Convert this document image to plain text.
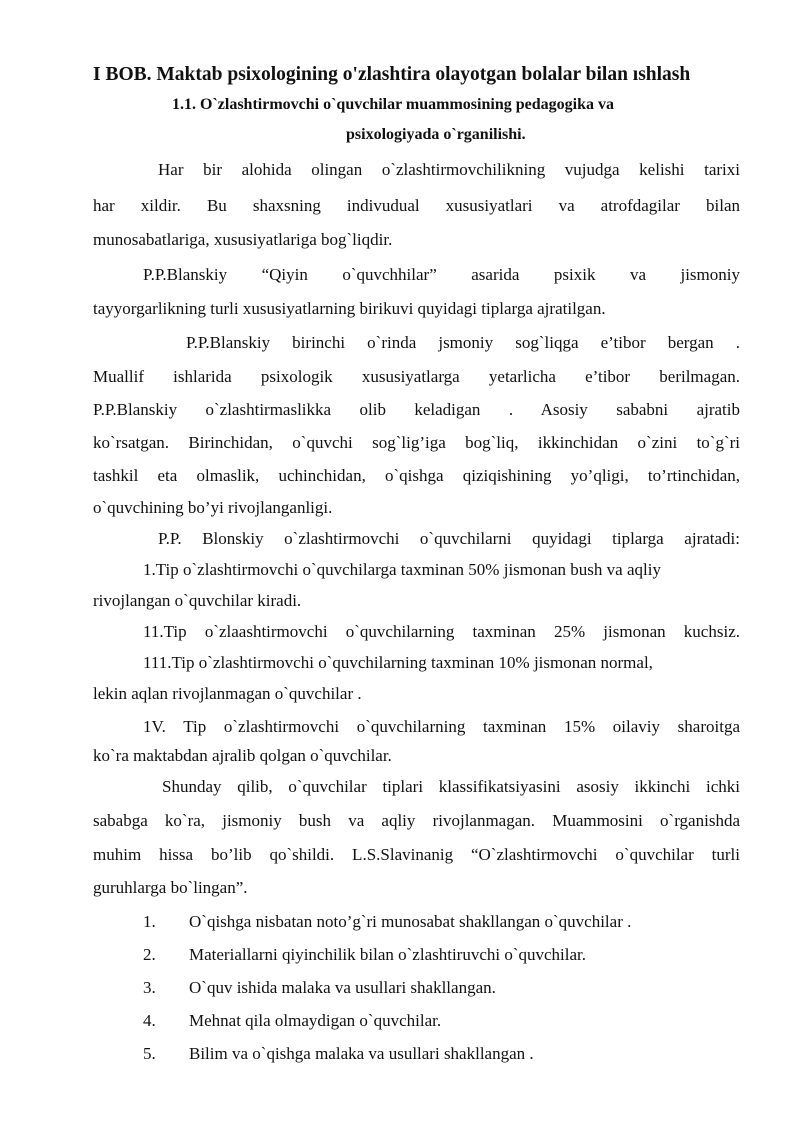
I BOB. Maktab psixologining o'zlashtira olayotgan bolalar bilan ıshlash
1.1. O`zlashtirmovchi o`quvchilar muammosining pedagogika va
psixologiyada o`rganilishi.
Har bir alohida olingan o`zlashtirmovchilikning vujudga kelishi tarixi
har xildir. Bu shaxsning indivudual xususiyatlari va atrofdagilar bilan
munosabatlariga, xususiyatlariga bog`liqdir.
P.P.Blanskiy “Qiyin o`quvchhilar” asarida psixik va jismoniy
tayyorgarlikning turli xususiyatlarning birikuvi quyidagi tiplarga ajratilgan.
P.P.Blanskiy birinchi o`rinda jsmoniy sog`liqga e’tibor bergan .
Muallif ishlarida psixologik xususiyatlarga yetarlicha e’tibor berilmagan.
P.P.Blanskiy o`zlashtirmaslikka olib keladigan . Asosiy sababni ajratib
ko`rsatgan. Birinchidan, o`quvchi sog`lig’iga bog`liq, ikkinchidan o`zini to`g`ri
tashkil eta olmaslik, uchinchidan, o`qishga qiziqishining yo’qligi, to’rtinchidan,
o`quvchining bo’yi rivojlanganligi.
P.P. Blonskiy o`zlashtirmovchi o`quvchilarni quyidagi tiplarga ajratadi:
1.Tip o`zlashtirmovchi o`quvchilarga taxminan 50% jismonan bush va aqliy
rivojlangan o`quvchilar kiradi.
11.Tip o`zlaashtirmovchi o`quvchilarning taxminan 25% jismonan kuchsiz.
111.Tip o`zlashtirmovchi o`quvchilarning taxminan 10% jismonan normal,
lekin aqlan rivojlanmagan o`quvchilar .
1V. Tip o`zlashtirmovchi o`quvchilarning taxminan 15% oilaviy sharoitga
ko`ra maktabdan ajralib qolgan o`quvchilar.
Shunday qilib, o`quvchilar tiplari klassifikatsiyasini asosiy ikkinchi ichki
sababga ko`ra, jismoniy bush va aqliy rivojlanmagan. Muammosini o`rganishda
muhim hissa bo’lib qo`shildi. L.S.Slavinanig “O`zlashtirmovchi o`quvchilar turli
guruhlarga bo`lingan”.
1. O`qishga nisbatan noto’g`ri munosabat shakllangan o`quvchilar .
2. Materiallarni qiyinchilik bilan o`zlashtiruvchi o`quvchilar.
3. O`quv ishida malaka va usullari shakllangan.
4. Mehnat qila olmaydigan o`quvchilar.
5. Bilim va o`qishga malaka va usullari shakllangan .
